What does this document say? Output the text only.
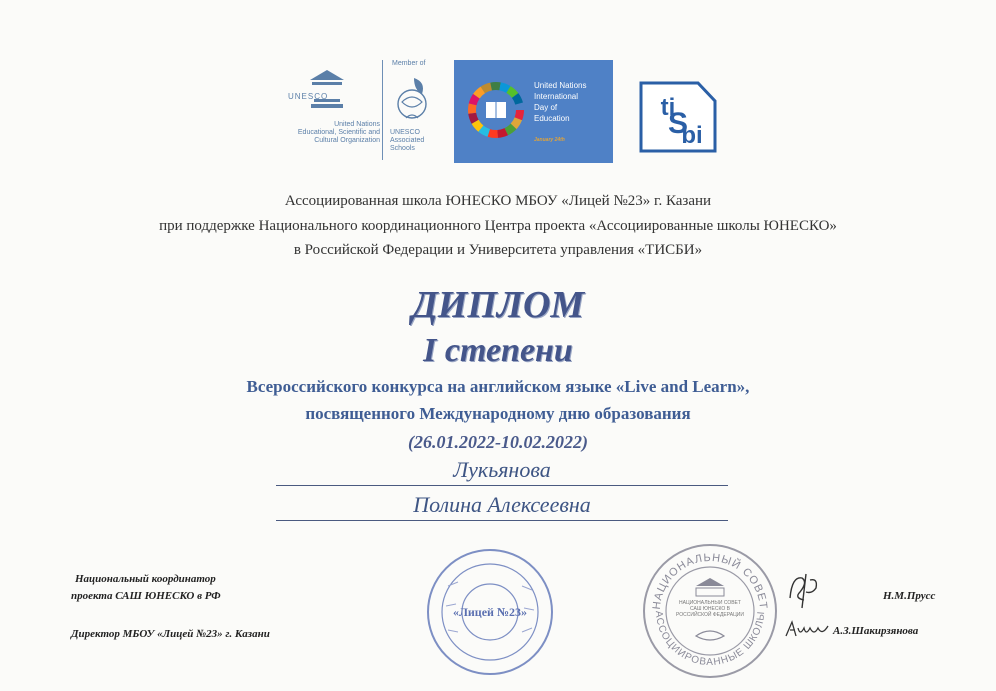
UNESCO
United Nations
Educational, Scientific and
Cultural Organization
Member of
UNESCO
Associated
Schools
United Nations
International
Day of
Education
January 24th
ti
bi
S
Ассоциированная школа ЮНЕСКО МБОУ «Лицей №23» г. Казани
при поддержке Национального координационного Центра проекта «Ассоциированные школы ЮНЕСКО»
в Российской Федерации и Университета управления «ТИСБИ»
ДИПЛОМ
I степени
Всероссийского конкурса на английском языке «Live and Learn»,
посвященного Международному дню образования
(26.01.2022-10.02.2022)
Лукьянова
Полина Алексеевна
«Лицей №23»
НАЦИОНАЛЬНЫЙ СОВЕТ
АССОЦИИРОВАННЫЕ ШКОЛЫ
НАЦИОНАЛЬНЫЙ СОВЕТ САШ ЮНЕСКО В РОССИЙСКОЙ ФЕДЕРАЦИИ
Национальный координатор
проекта САШ ЮНЕСКО в РФ
Директор МБОУ «Лицей №23» г. Казани
Н.М.Прусс
А.З.Шакирзянова
